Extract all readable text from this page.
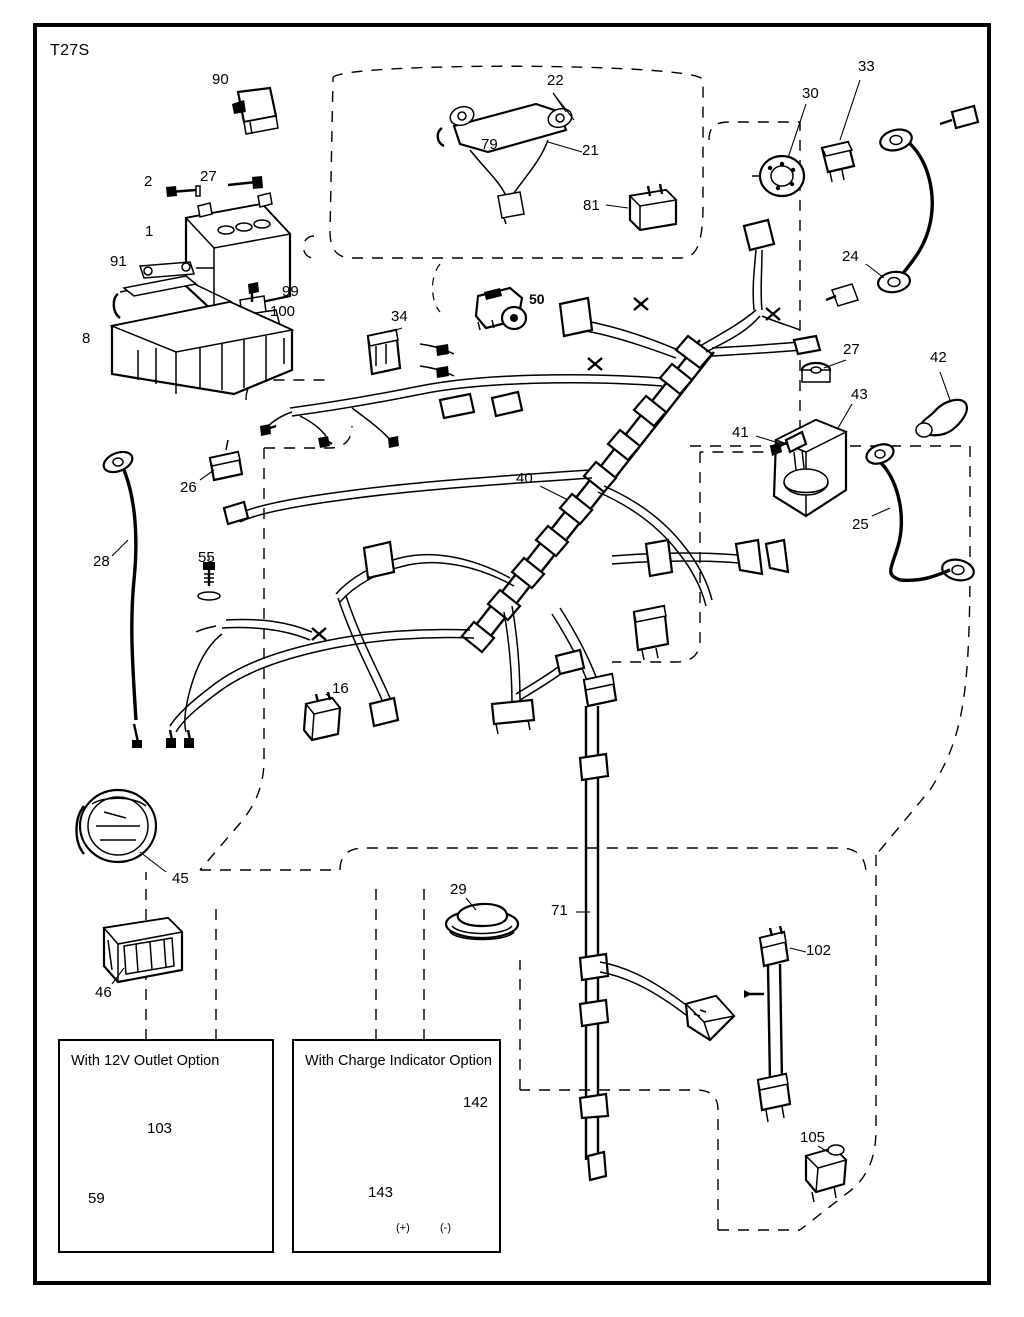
T27S
90	22
33
30
79	21
2	27
81
1
24
91
99
100
50
34
8
27	42
43
41
26
40
25
28	55
16
45
29
71
102
46
105
With 12V Outlet Option
103
59
With Charge Indicator Option
142
143
(+)	(-)
